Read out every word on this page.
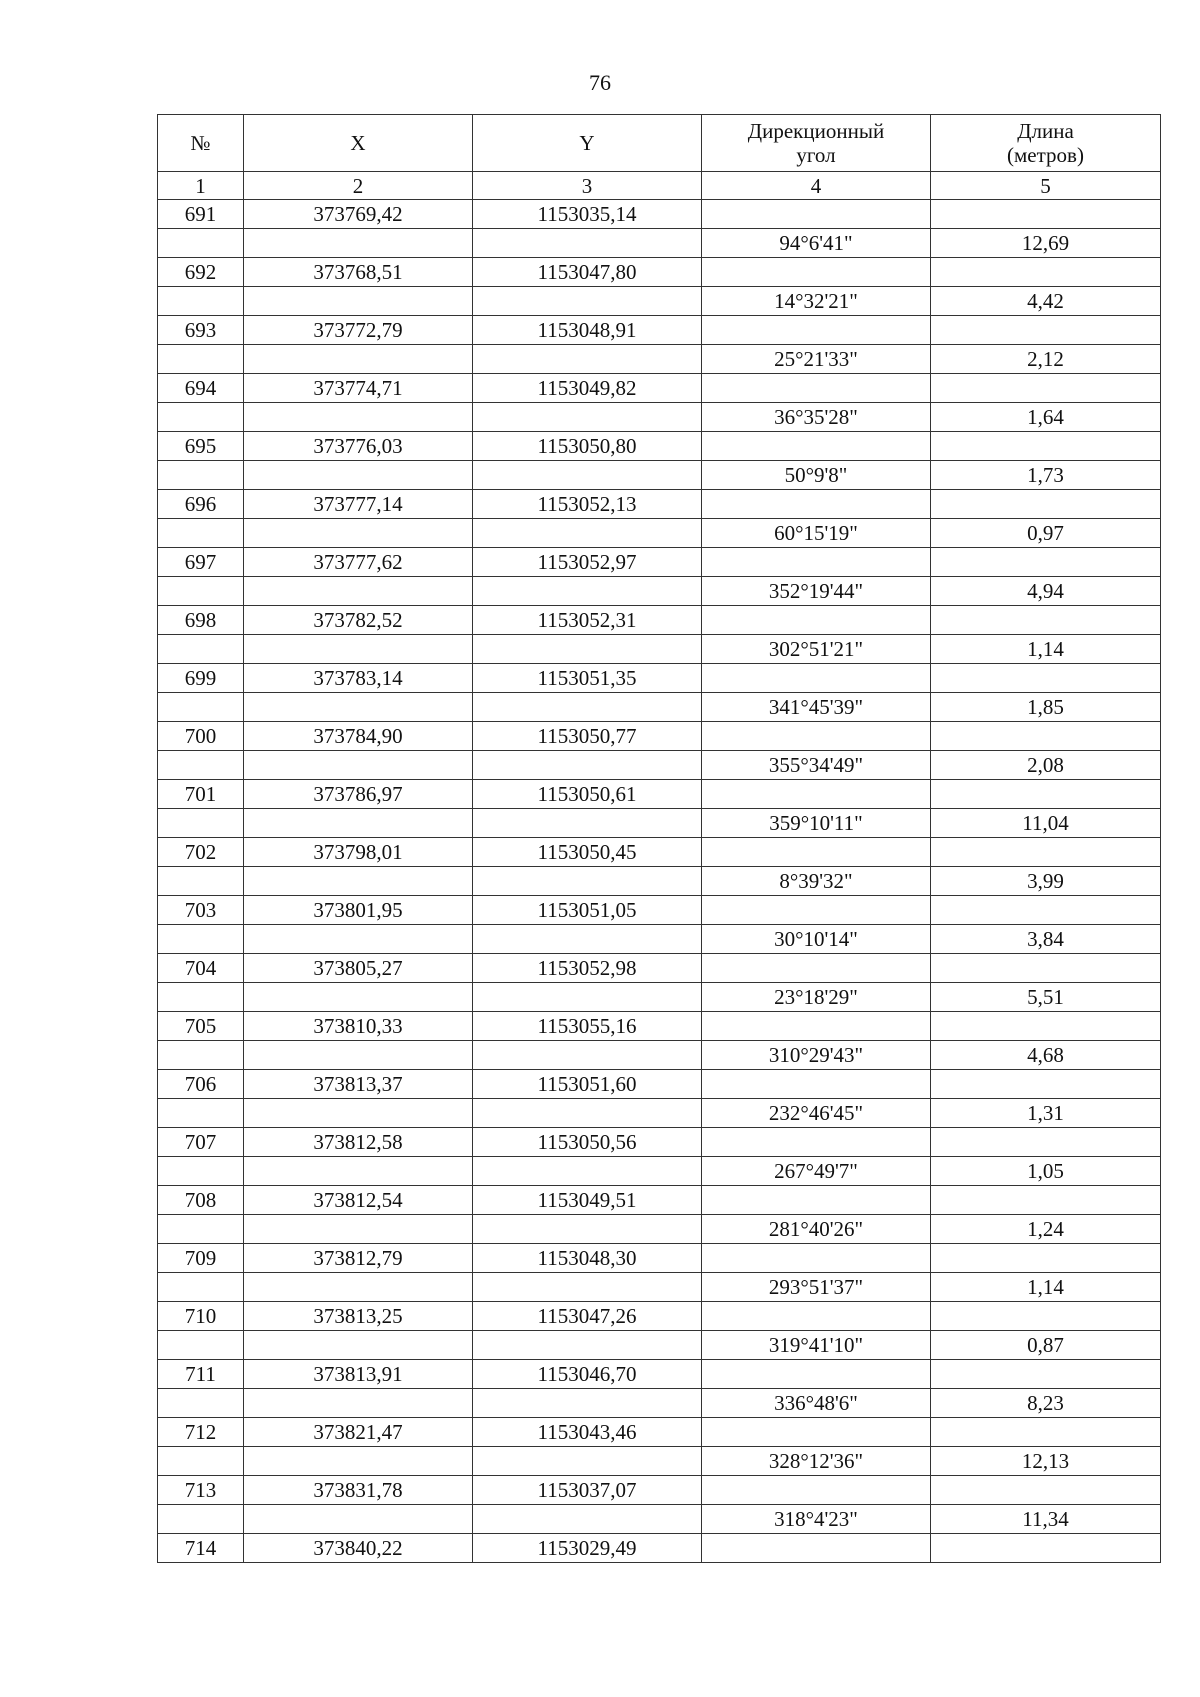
76
№	X	Y	Дирекционный угол	Длина (метров)
1	2	3	4	5

691	373769,42	1153035,14	94°6'41"	12,69

692	373768,51	1153047,80	14°32'21"	4,42

693	373772,79	1153048,91	25°21'33"	2,12

694	373774,71	1153049,82	36°35'28"	1,64

695	373776,03	1153050,80	50°9'8"	1,73

696	373777,14	1153052,13	60°15'19"	0,97

697	373777,62	1153052,97	352°19'44"	4,94

698	373782,52	1153052,31	302°51'21"	1,14

699	373783,14	1153051,35	341°45'39"	1,85

700	373784,90	1153050,77	355°34'49"	2,08

701	373786,97	1153050,61	359°10'11"	11,04

702	373798,01	1153050,45	8°39'32"	3,99

703	373801,95	1153051,05	30°10'14"	3,84

704	373805,27	1153052,98	23°18'29"	5,51

705	373810,33	1153055,16	310°29'43"	4,68

706	373813,37	1153051,60	232°46'45"	1,31

707	373812,58	1153050,56	267°49'7"	1,05

708	373812,54	1153049,51	281°40'26"	1,24

709	373812,79	1153048,30	293°51'37"	1,14

710	373813,25	1153047,26	319°41'10"	0,87

711	373813,91	1153046,70	336°48'6"	8,23

712	373821,47	1153043,46	328°12'36"	12,13

713	373831,78	1153037,07	318°4'23"	11,34

714	373840,22	1153029,49		
